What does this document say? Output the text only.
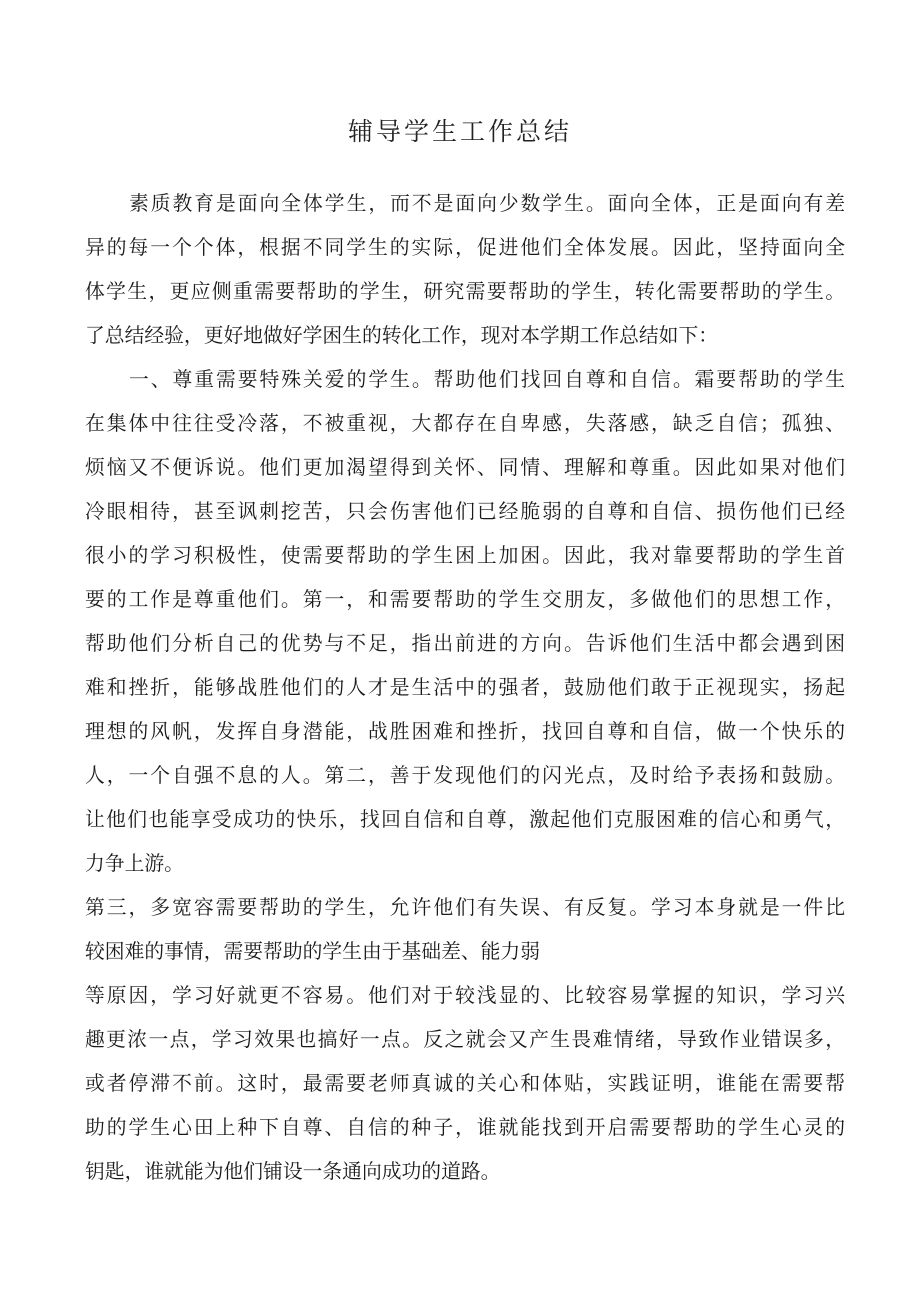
辅导学生工作总结
素质教育是面向全体学生，而不是面向少数学生。面向全体，正是面向有差
异的每一个个体，根据不同学生的实际，促进他们全体发展。因此，坚持面向全
体学生，更应侧重需要帮助的学生，研究需要帮助的学生，转化需要帮助的学生。
了总结经验，更好地做好学困生的转化工作，现对本学期工作总结如下：
一、尊重需要特殊关爱的学生。帮助他们找回自尊和自信。霜要帮助的学生
在集体中往往受冷落，不被重视，大都存在自卑感，失落感，缺乏自信；孤独、
烦恼又不便诉说。他们更加渴望得到关怀、同情、理解和尊重。因此如果对他们
冷眼相待，甚至讽刺挖苦，只会伤害他们已经脆弱的自尊和自信、损伤他们已经
很小的学习积极性，使需要帮助的学生困上加困。因此，我对靠要帮助的学生首
要的工作是尊重他们。第一，和需要帮助的学生交朋友，多做他们的思想工作，
帮助他们分析自己的优势与不足，指出前进的方向。告诉他们生活中都会遇到困
难和挫折，能够战胜他们的人才是生活中的强者，鼓励他们敢于正视现实，扬起
理想的风帆，发挥自身潜能，战胜困难和挫折，找回自尊和自信，做一个快乐的
人，一个自强不息的人。第二，善于发现他们的闪光点，及时给予表扬和鼓励。
让他们也能享受成功的快乐，找回自信和自尊，激起他们克服困难的信心和勇气，
力争上游。
第三，多宽容需要帮助的学生，允许他们有失误、有反复。学习本身就是一件比
较困难的事情，需要帮助的学生由于基础差、能力弱
等原因，学习好就更不容易。他们对于较浅显的、比较容易掌握的知识，学习兴
趣更浓一点，学习效果也搞好一点。反之就会又产生畏难情绪，导致作业错误多，
或者停滞不前。这时，最需要老师真诚的关心和体贴，实践证明，谁能在需要帮
助的学生心田上种下自尊、自信的种子，谁就能找到开启需要帮助的学生心灵的
钥匙，谁就能为他们铺设一条通向成功的道路。
